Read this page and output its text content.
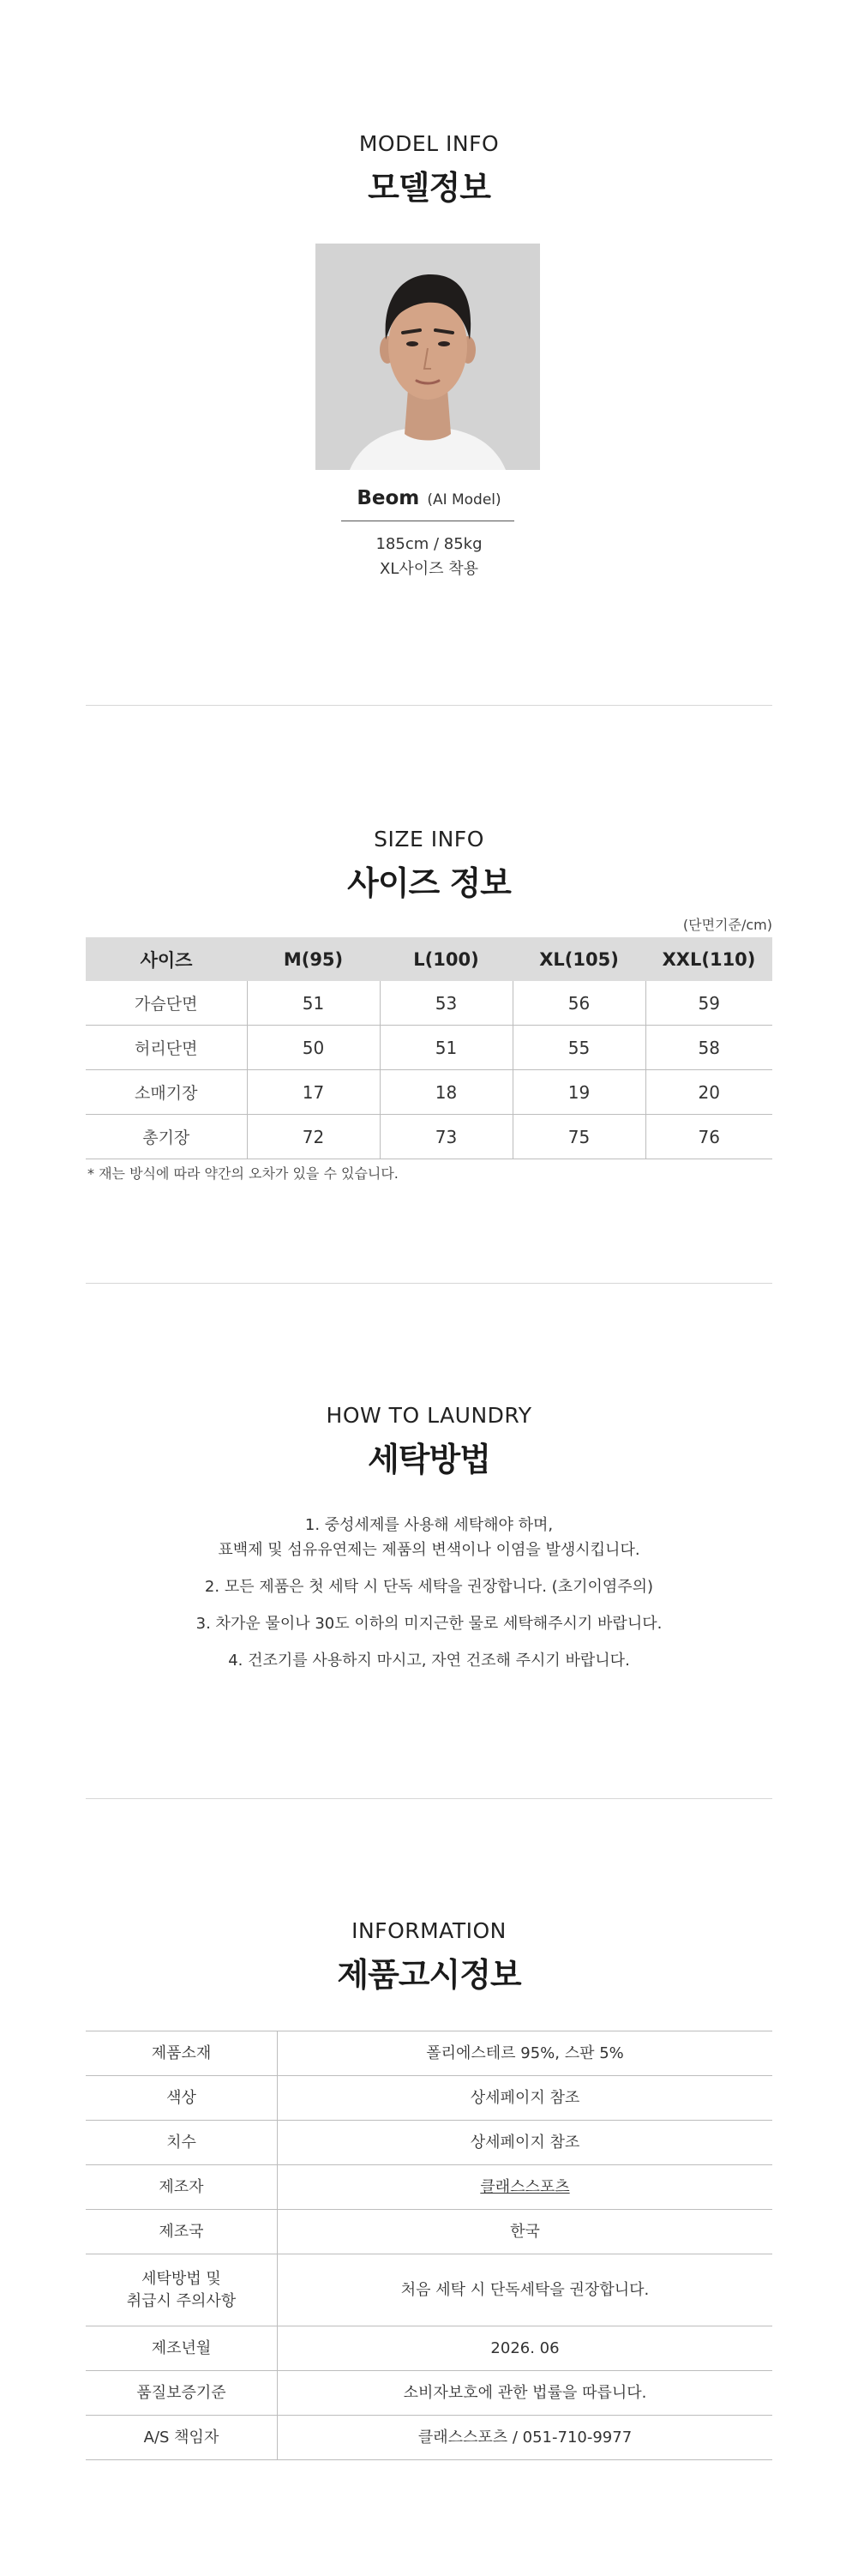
MODEL INFO
모델정보
Beom (AI Model)
185cm / 85kg
XL사이즈 착용
SIZE INFO
사이즈 정보
(단면기준/cm)
사이즈	M(95)	L(100)	XL(105)	XXL(110)
가슴단면	51	53	56	59
허리단면	50	51	55	58
소매기장	17	18	19	20
총기장	72	73	75	76
* 재는 방식에 따라 약간의 오차가 있을 수 있습니다.
HOW TO LAUNDRY
세탁방법

1. 중성세제를 사용해 세탁해야 하며,
표백제 및 섬유유연제는 제품의 변색이나 이염을 발생시킵니다.

2. 모든 제품은 첫 세탁 시 단독 세탁을 권장합니다. (초기이염주의)

3. 차가운 물이나 30도 이하의 미지근한 물로 세탁해주시기 바랍니다.

4. 건조기를 사용하지 마시고, 자연 건조해 주시기 바랍니다.

INFORMATION
제품고시정보
제품소재	폴리에스테르 95%, 스판 5%
색상	상세페이지 참조
치수	상세페이지 참조
제조자	클래스스포츠
제조국	한국
세탁방법 및
취급시 주의사항	처음 세탁 시 단독세탁을 권장합니다.
제조년월	2026. 06
품질보증기준	소비자보호에 관한 법률을 따릅니다.
A/S 책임자	클래스스포츠 / 051-710-9977
